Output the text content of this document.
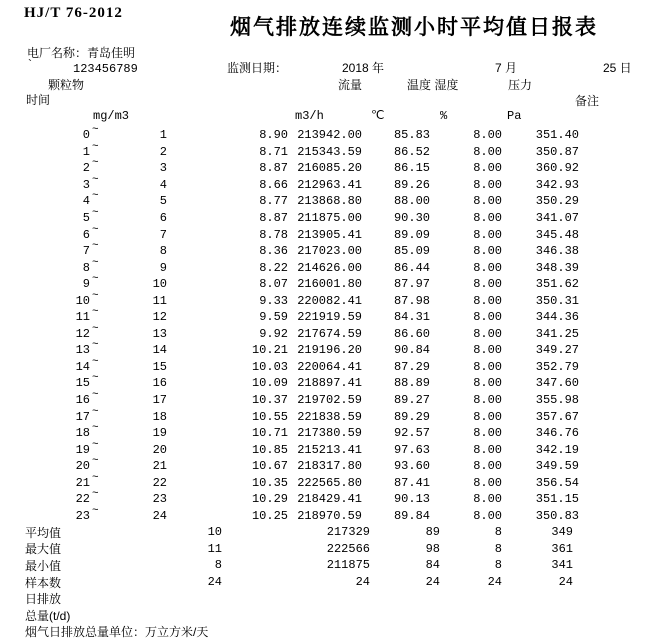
HJ/T 76-2012
烟气排放连续监测小时平均值日报表
电厂名称：青岛佳明
`	123456789	监测日期：	2018 年	7 月	25 日
颗粒物	流量	温度 湿度	压力
时间	备注
mg/m3	m3/h	℃	%	Pa
0 ~	1	8.90 213942.00	85.83	8.00	351.40
1 ~	2	8.71 215343.59	86.52	8.00	350.87
2 ~	3	8.87 216085.20	86.15	8.00	360.92
3 ~	4	8.66 212963.41	89.26	8.00	342.93
4 ~	5	8.77 213868.80	88.00	8.00	350.29
5 ~	6	8.87 211875.00	90.30	8.00	341.07
6 ~	7	8.78 213905.41	89.09	8.00	345.48
7 ~	8	8.36 217023.00	85.09	8.00	346.38
8 ~	9	8.22 214626.00	86.44	8.00	348.39
9 ~	10	8.07 216001.80	87.97	8.00	351.62
10 ~	11	9.33 220082.41	87.98	8.00	350.31
11 ~	12	9.59 221919.59	84.31	8.00	344.36
12 ~	13	9.92 217674.59	86.60	8.00	341.25
13 ~	14	10.21 219196.20	90.84	8.00	349.27
14 ~	15	10.03 220064.41	87.29	8.00	352.79
15 ~	16	10.09 218897.41	88.89	8.00	347.60
16 ~	17	10.37 219702.59	89.27	8.00	355.98
17 ~	18	10.55 221838.59	89.29	8.00	357.67
18 ~	19	10.71 217380.59	92.57	8.00	346.76
19 ~	20	10.85 215213.41	97.63	8.00	342.19
20 ~	21	10.67 218317.80	93.60	8.00	349.59
21 ~	22	10.35 222565.80	87.41	8.00	356.54
22 ~	23	10.29 218429.41	90.13	8.00	351.15
23 ~	24	10.25 218970.59	89.84	8.00	350.83
平均值	10	217329	89	8	349
最大值	11	222566	98	8	361
最小值	8	211875	84	8	341
样本数	24	24	24	24	24
日排放
总量(t/d)
烟气日排放总量单位：万立方米/天
